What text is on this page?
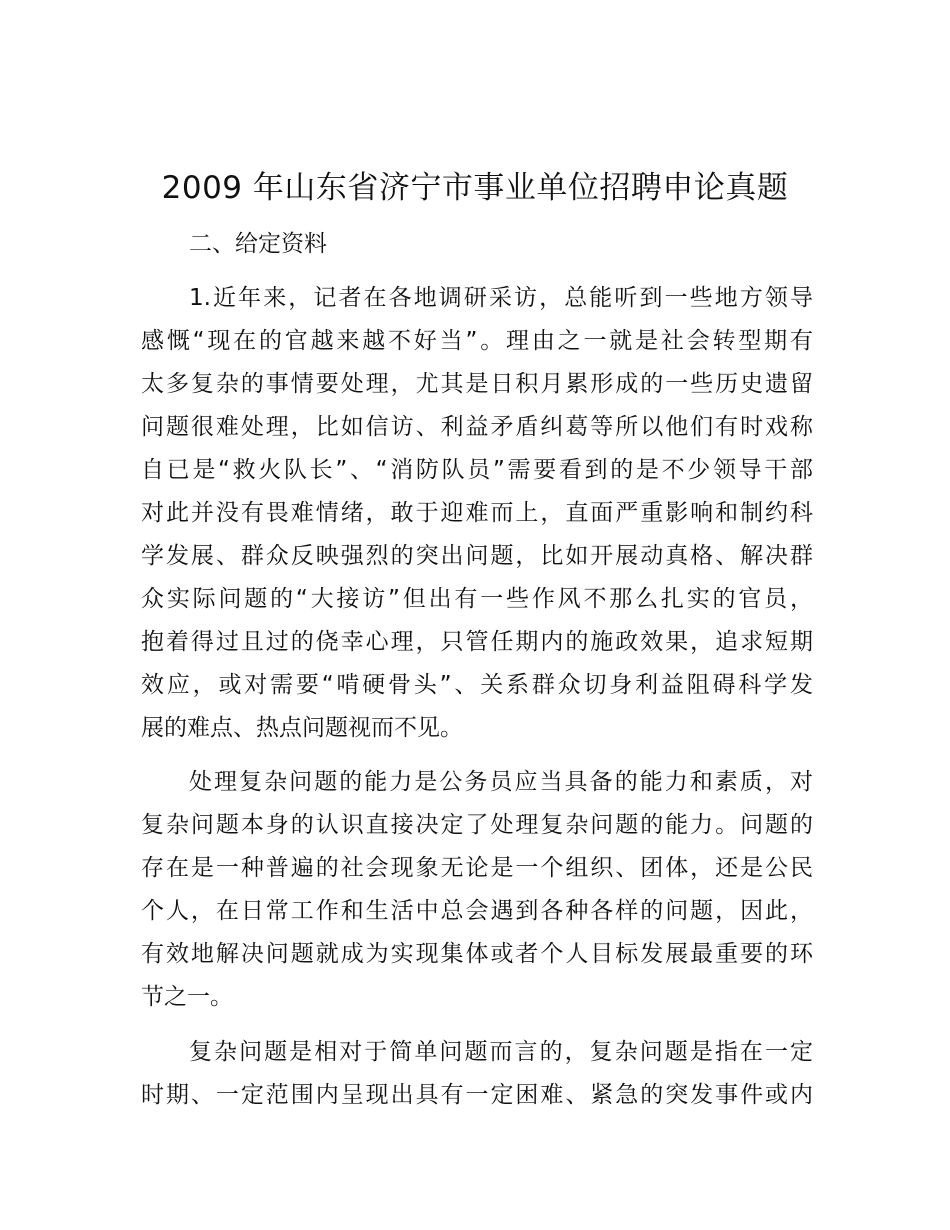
2009 年山东省济宁市事业单位招聘申论真题
二、给定资料
1.近年来，记者在各地调研采访，总能听到一些地方领导
感慨“现在的官越来越不好当”。理由之一就是社会转型期有
太多复杂的事情要处理，尤其是日积月累形成的一些历史遗留
问题很难处理，比如信访、利益矛盾纠葛等所以他们有时戏称
自已是“救火队长”、“消防队员”需要看到的是不少领导干部
对此并没有畏难情绪，敢于迎难而上，直面严重影响和制约科
学发展、群众反映强烈的突出问题，比如开展动真格、解决群
众实际问题的“大接访”但出有一些作风不那么扎实的官员，
抱着得过且过的侥幸心理，只管任期内的施政效果，追求短期
效应，或对需要“啃硬骨头”、关系群众切身利益阻碍科学发
展的难点、热点问题视而不见。
处理复杂问题的能力是公务员应当具备的能力和素质，对
复杂问题本身的认识直接决定了处理复杂问题的能力。问题的
存在是一种普遍的社会现象无论是一个组织、团体，还是公民
个人，在日常工作和生活中总会遇到各种各样的问题，因此，
有效地解决问题就成为实现集体或者个人目标发展最重要的环
节之一。
复杂问题是相对于简单问题而言的，复杂问题是指在一定
时期、一定范围内呈现出具有一定困难、紧急的突发事件或内
